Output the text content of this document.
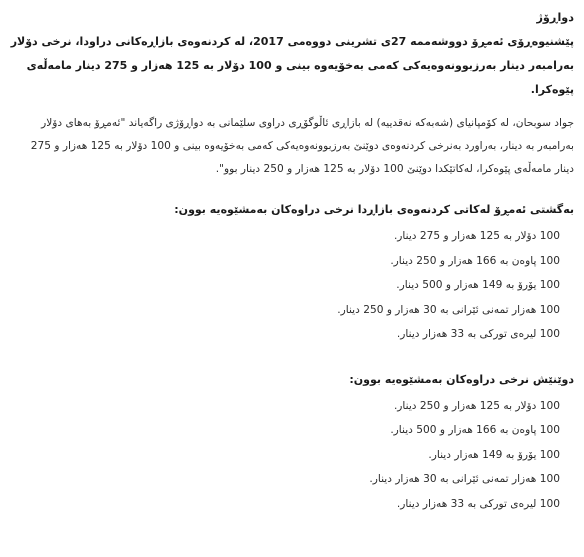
دواڕۆژ

پێشنیوەڕۆی ئەمڕۆ دووشەممە 27ی تشرینی دووەمی 2017، لە کردنەوەی بازاڕەکانی دراودا، نرخی دۆلار بەرامبەر دینار بەرزبوونەوەیەکی کەمی بەخۆیەوە بینی و 100 دۆلار بە 125 هەزار و 275 دینار مامەڵەی پێوەکرا.

جواد سوبحان، لە کۆمپانیای (شەبەکە نەقدییە) لە بازاڕی ئاڵوگۆڕی دراوی سلێمانی بە دواڕۆژی راگەیاند "ئەمڕۆ بەهای دۆلار بەرامبەر بە دینار، بەراورد بەنرخی کردنەوەی دوێنێ بەرزبوونەوەیەکی کەمی بەخۆیەوە بینی و 100 دۆلار بە 125 هەزار و 275 دینار مامەڵەی پێوەکرا، لەکاتێکدا دوێنێ 100 دۆلار بە 125 هەزار و 250 دینار بوو".

بەگشتی ئەمڕۆ لەکاتی کردنەوەی بازاڕدا نرخی دراوەکان بەمشێوەیە بوون:

100 دۆلار بە 125 هەزار و 275 دینار.
100 پاوەن بە 166 هەزار و 250 دینار.
100 یۆرۆ بە 149 هەزار و 500 دینار.
100 هەزار تمەنی ئێرانی بە 30 هەزار و 250 دینار.
100 لیرەی تورکی بە 33 هەزار دینار.

دوێنێش نرخی دراوەکان بەمشێوەیە بوون:

100 دۆلار بە 125 هەزار و 250 دینار.
100 پاوەن بە 166 هەزار و 500 دینار.
100 یۆرۆ بە 149 هەزار دینار.
100 هەزار تمەنی ئێرانی بە 30 هەزار دینار.
100 لیرەی تورکی بە 33 هەزار دینار.
